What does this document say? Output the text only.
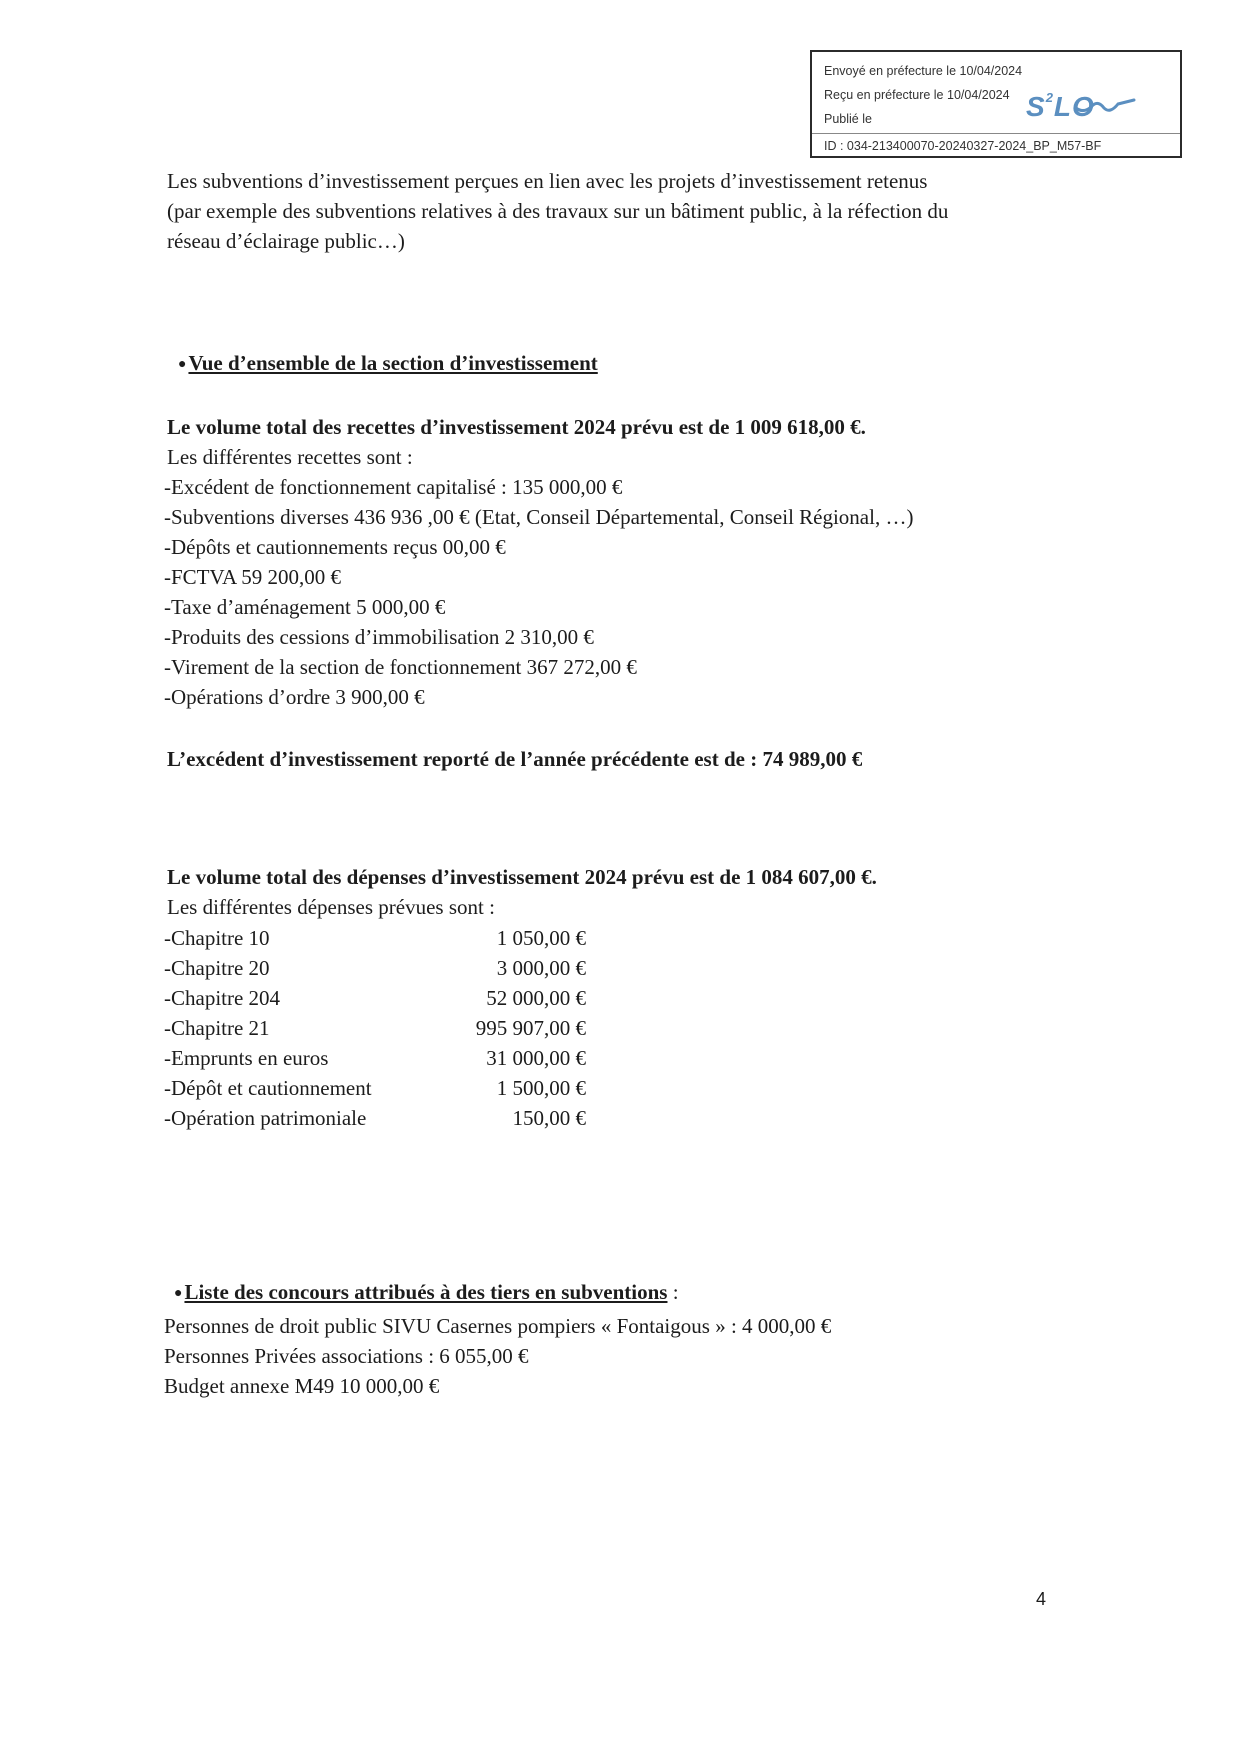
Envoyé en préfecture le 10/04/2024
Reçu en préfecture le 10/04/2024
Publié le
ID : 034-213400070-20240327-2024_BP_M57-BF
$S^2LO$
Les subventions d’investissement perçues en lien avec les projets d’investissement retenus
(par exemple des subventions relatives à des travaux sur un bâtiment public, à la réfection du
réseau d’éclairage public…)
●Vue d’ensemble de la section d’investissement
Le volume total des recettes d’investissement 2024 prévu est de 1 009 618,00 €.
Les différentes recettes sont :
-Excédent de fonctionnement capitalisé : 135 000,00 €
-Subventions diverses 436 936 ,00 € (Etat, Conseil Départemental, Conseil Régional, …)
-Dépôts et cautionnements reçus 00,00 €
-FCTVA 59 200,00 €
-Taxe d’aménagement 5 000,00 €
-Produits des cessions d’immobilisation 2 310,00 €
-Virement de la section de fonctionnement 367 272,00 €
-Opérations d’ordre 3 900,00 €
L’excédent d’investissement reporté de l’année précédente est de : 74 989,00 €
Le volume total des dépenses d’investissement 2024 prévu est de 1 084 607,00 €.
Les différentes dépenses prévues sont :
-Chapitre 10	1 050,00 €
-Chapitre 20	3 000,00 €
-Chapitre 204	52 000,00 €
-Chapitre 21	995 907,00 €
-Emprunts en euros	31 000,00 €
-Dépôt et cautionnement	1 500,00 €
-Opération patrimoniale	150,00 €
●Liste des concours attribués à des tiers en subventions :
Personnes de droit public SIVU Casernes pompiers « Fontaigous » : 4 000,00 €
Personnes Privées associations : 6 055,00 €
Budget annexe M49 10 000,00 €
4
